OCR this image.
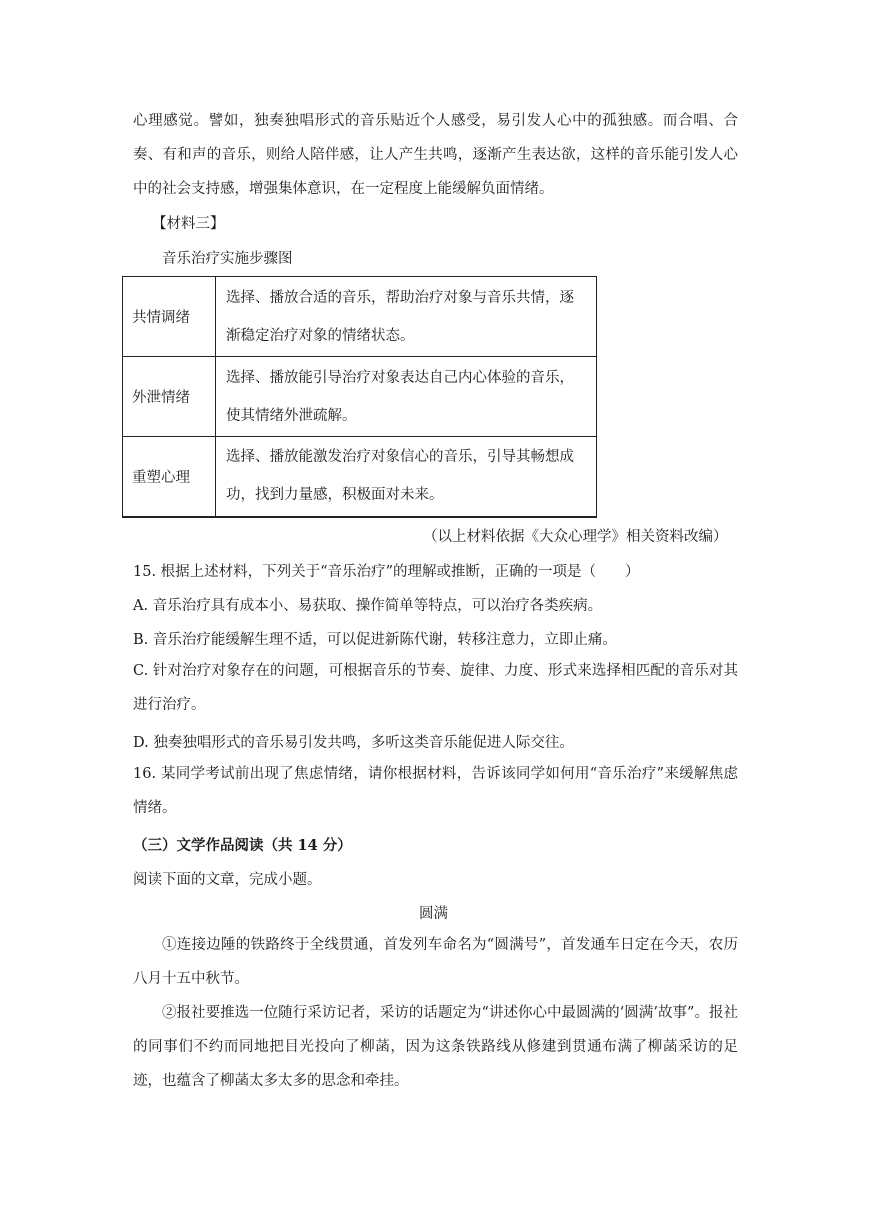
心理感觉。譬如，独奏独唱形式的音乐贴近个人感受，易引发人心中的孤独感。而合唱、合奏、有和声的音乐，则给人陪伴感，让人产生共鸣，逐渐产生表达欲，这样的音乐能引发人心中的社会支持感，增强集体意识，在一定程度上能缓解负面情绪。

【材料三】

音乐治疗实施步骤图

共情调绪	选择、播放合适的音乐，帮助治疗对象与音乐共情，逐渐稳定治疗对象的情绪状态。
外泄情绪	选择、播放能引导治疗对象表达自己内心体验的音乐，使其情绪外泄疏解。
重塑心理	选择、播放能激发治疗对象信心的音乐，引导其畅想成功，找到力量感，积极面对未来。

（以上材料依据《大众心理学》相关资料改编）

15. 根据上述材料，下列关于“音乐治疗”的理解或推断，正确的一项是（　　）

A. 音乐治疗具有成本小、易获取、操作简单等特点，可以治疗各类疾病。

B. 音乐治疗能缓解生理不适，可以促进新陈代谢，转移注意力，立即止痛。

C. 针对治疗对象存在的问题，可根据音乐的节奏、旋律、力度、形式来选择相匹配的音乐对其进行治疗。

D. 独奏独唱形式的音乐易引发共鸣，多听这类音乐能促进人际交往。

16. 某同学考试前出现了焦虑情绪，请你根据材料，告诉该同学如何用“音乐治疗”来缓解焦虑情绪。

（三）文学作品阅读（共 14 分）

阅读下面的文章，完成小题。

圆满

①连接边陲的铁路终于全线贯通，首发列车命名为“圆满号”，首发通车日定在今天，农历八月十五中秋节。

②报社要推选一位随行采访记者，采访的话题定为“讲述你心中最圆满的‘圆满’故事”。报社的同事们不约而同地把目光投向了柳菡，因为这条铁路线从修建到贯通布满了柳菡采访的足迹，也蕴含了柳菡太多太多的思念和牵挂。
